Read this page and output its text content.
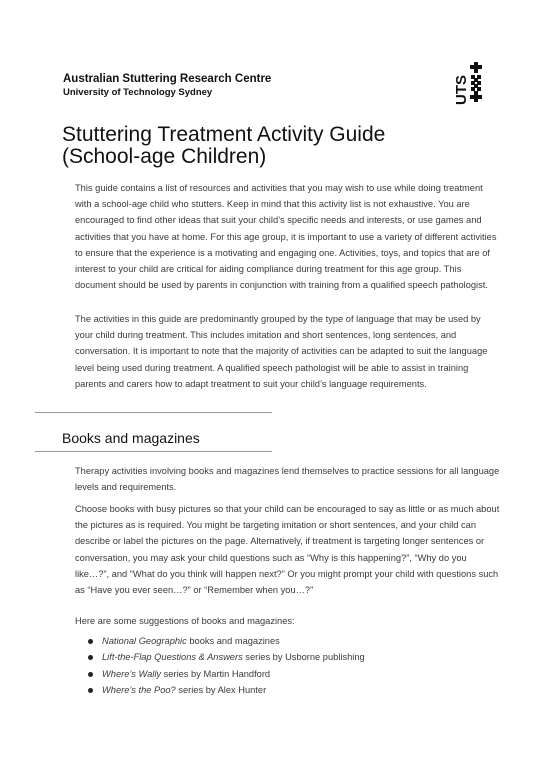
Australian Stuttering Research Centre
University of Technology Sydney	UTS
Stuttering Treatment Activity Guide
(School-age Children)

This guide contains a list of resources and activities that you may wish to use while doing treatment with a school-age child who stutters. Keep in mind that this activity list is not exhaustive. You are encouraged to find other ideas that suit your child’s specific needs and interests, or use games and activities that you have at home. For this age group, it is important to use a variety of different activities to ensure that the experience is a motivating and engaging one. Activities, toys, and topics that are of interest to your child are critical for aiding compliance during treatment for this age group. This document should be used by parents in conjunction with training from a qualified speech pathologist.

The activities in this guide are predominantly grouped by the type of language that may be used by your child during treatment. This includes imitation and short sentences, long sentences, and conversation. It is important to note that the majority of activities can be adapted to suit the language level being used during treatment. A qualified speech pathologist will be able to assist in training parents and carers how to adapt treatment to suit your child’s language requirements.

Books and magazines

Therapy activities involving books and magazines lend themselves to practice sessions for all language levels and requirements.

Choose books with busy pictures so that your child can be encouraged to say as little or as much about the pictures as is required. You might be targeting imitation or short sentences, and your child can describe or label the pictures on the page. Alternatively, if treatment is targeting longer sentences or conversation, you may ask your child questions such as “Why is this happening?”, “Why do you like…?”, and “What do you think will happen next?” Or you might prompt your child with questions such as “Have you ever seen…?” or “Remember when you…?”

Here are some suggestions of books and magazines:

National Geographic books and magazines
Lift-the-Flap Questions & Answers series by Usborne publishing
Where’s Wally series by Martin Handford
Where’s the Poo? series by Alex Hunter
